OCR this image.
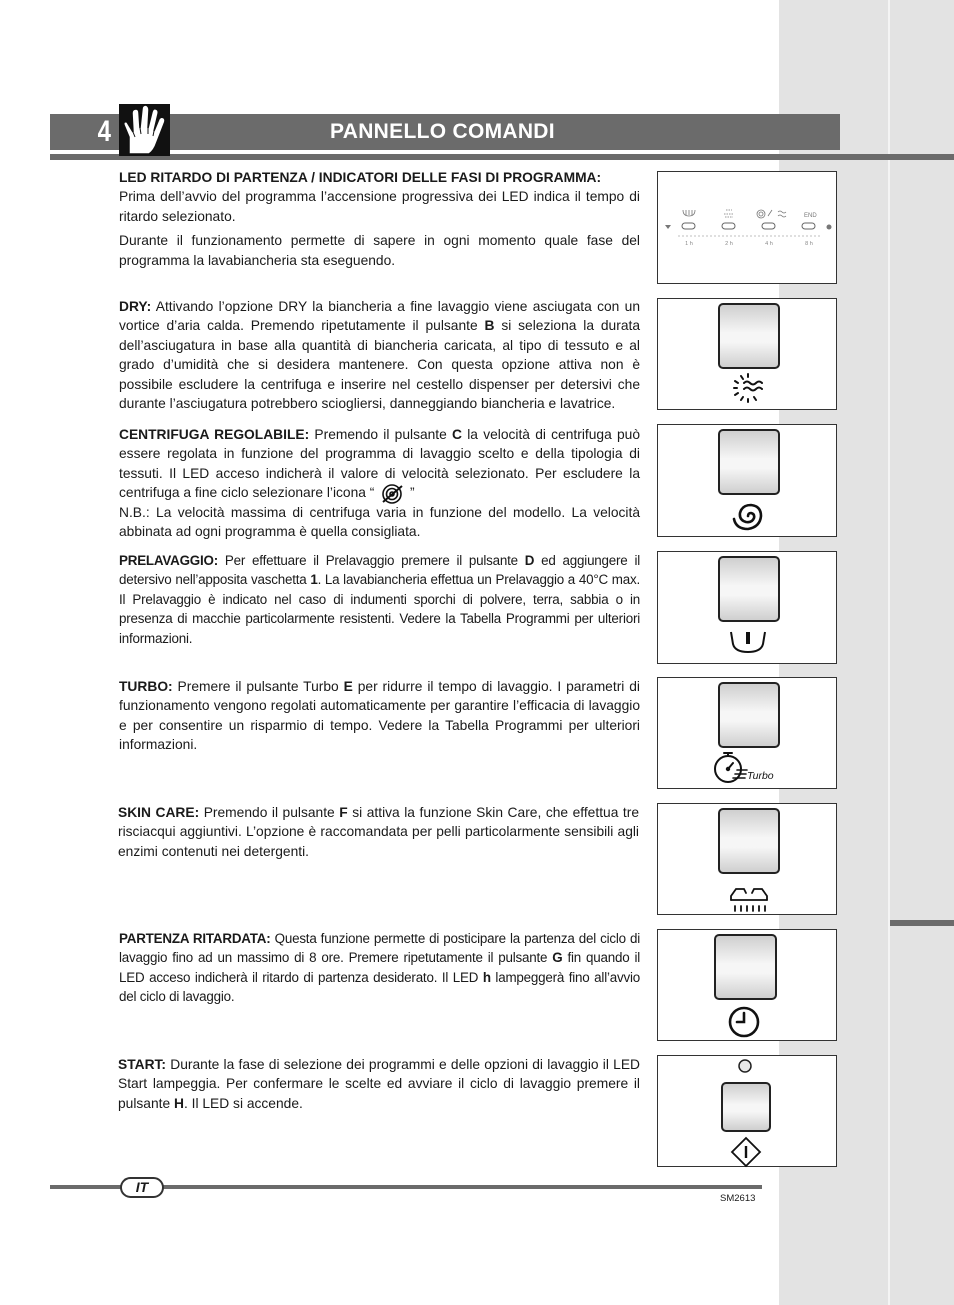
4	PANNELLO COMANDI

LED RITARDO DI PARTENZA / INDICATORI DELLE FASI DI PROGRAMMA:
Prima dell’avvio del programma l’accensione progressiva dei LED indica il tempo di ritardo selezionato.

Durante il funzionamento permette di sapere in ogni momento quale fase del programma la lavabiancheria sta eseguendo.

END
1 h	2 h	4 h	8 h

DRY: Attivando l’opzione DRY la biancheria a fine lavaggio viene asciugata con un vortice d’aria calda. Premendo ripetutamente il pulsante B si seleziona la durata dell’asciugatura in base alla quantità di biancheria caricata, al tipo di tessuto e al grado d’umidità che si desidera mantenere. Con questa opzione attiva non è possibile escludere la centrifuga e inserire nel cestello dispenser per detersivi che durante l’asciugatura potrebbero sciogliersi, danneggiando biancheria e lavatrice.

CENTRIFUGA REGOLABILE: Premendo il pulsante C la velocità di centrifuga può essere regolata in funzione del programma di lavaggio scelto e della tipologia di tessuti. Il LED acceso indicherà il valore di velocità selezionato. Per escludere la centrifuga a fine ciclo selezionare l’icona “  ”
N.B.: La velocità massima di centrifuga varia in funzione del modello. La velocità abbinata ad ogni programma è quella consigliata.

PRELAVAGGIO: Per effettuare il Prelavaggio premere il pulsante D ed aggiungere il detersivo nell’apposita vaschetta 1. La lavabiancheria effettua un Prelavaggio a 40°C max. Il Prelavaggio è indicato nel caso di indumenti sporchi di polvere, terra, sabbia o in presenza di macchie particolarmente resistenti. Vedere la Tabella Programmi per ulteriori informazioni.

TURBO: Premere il pulsante Turbo E per ridurre il tempo di lavaggio. I parametri di funzionamento vengono regolati automaticamente per garantire l’efficacia di lavaggio e per consentire un risparmio di tempo. Vedere la Tabella Programmi per ulteriori informazioni.

Turbo

SKIN CARE: Premendo il pulsante F si attiva la funzione Skin Care, che effettua tre risciacqui aggiuntivi. L’opzione è raccomandata per pelli particolarmente sensibili agli enzimi contenuti nei detergenti.

PARTENZA RITARDATA: Questa funzione permette di posticipare la partenza del ciclo di lavaggio fino ad un massimo di 8 ore. Premere ripetutamente il pulsante G fin quando il LED acceso indicherà il ritardo di partenza desiderato. Il LED h lampeggerà fino all’avvio del ciclo di lavaggio.

START: Durante la fase di selezione dei programmi e delle opzioni di lavaggio il LED Start lampeggia. Per confermare le scelte ed avviare il ciclo di lavaggio premere il pulsante H. Il LED si accende.

IT
SM2613
